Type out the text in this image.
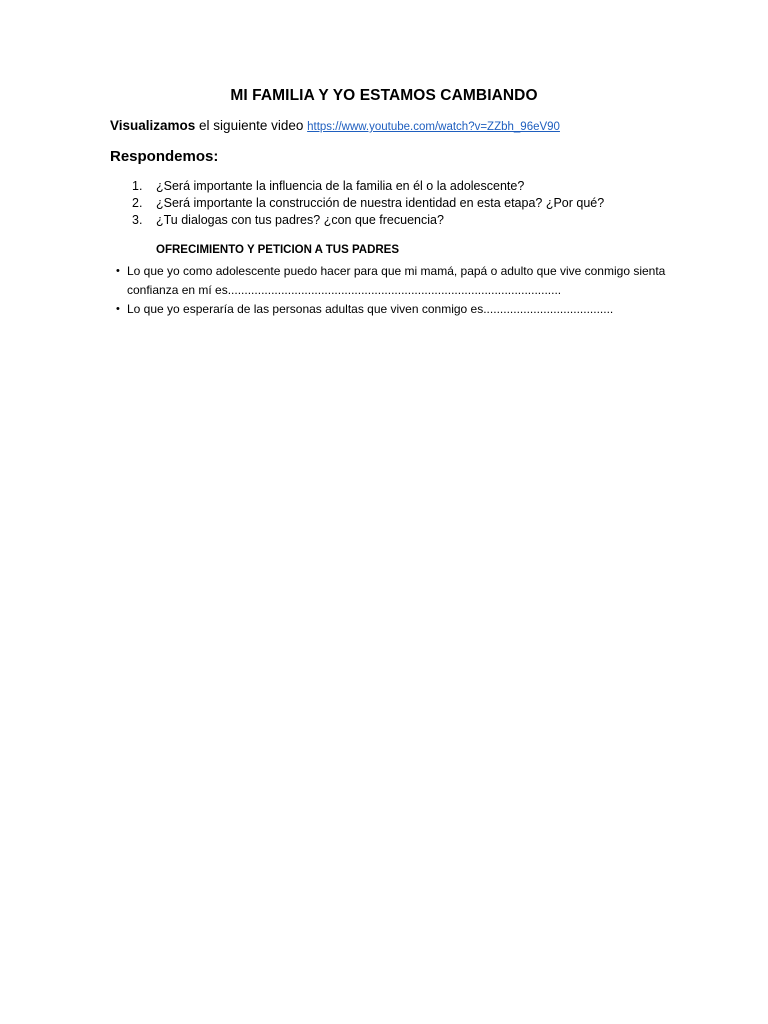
MI FAMILIA Y YO ESTAMOS CAMBIANDO
Visualizamos el siguiente video https://www.youtube.com/watch?v=ZZbh_96eV90
Respondemos:
1. ¿Será importante la influencia de la familia en él o la adolescente?
2. ¿Será importante la construcción de nuestra identidad en esta etapa? ¿Por qué?
3. ¿Tu dialogas con tus padres? ¿con que frecuencia?
OFRECIMIENTO Y PETICION A TUS PADRES
• Lo que yo como adolescente puedo hacer para que mi mamá, papá o adulto que vive conmigo sienta confianza en mí es....................................................................................................
• Lo que yo esperaría de las personas adultas que viven conmigo es.......................................
